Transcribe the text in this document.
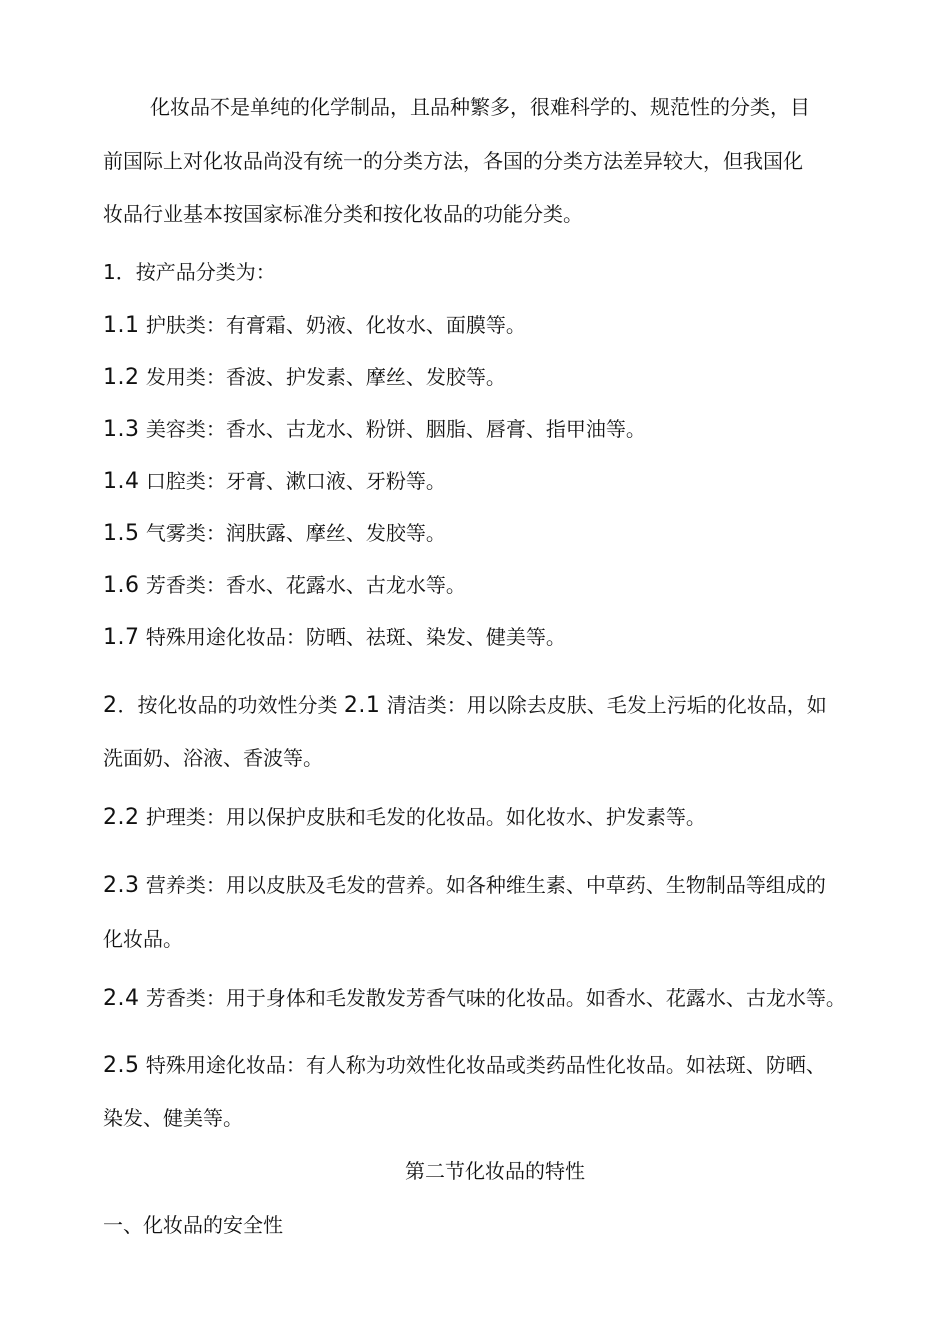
化妆品不是单纯的化学制品，且品种繁多，很难科学的、规范性的分类，目
前国际上对化妆品尚没有统一的分类方法，各国的分类方法差异较大，但我国化
妆品行业基本按国家标准分类和按化妆品的功能分类。
1．按产品分类为：
1.1 护肤类：有膏霜、奶液、化妆水、面膜等。
1.2 发用类：香波、护发素、摩丝、发胶等。
1.3 美容类：香水、古龙水、粉饼、胭脂、唇膏、指甲油等。
1.4 口腔类：牙膏、漱口液、牙粉等。
1.5 气雾类：润肤露、摩丝、发胶等。
1.6 芳香类：香水、花露水、古龙水等。
1.7 特殊用途化妆品：防晒、祛斑、染发、健美等。
2．按化妆品的功效性分类 2.1 清洁类：用以除去皮肤、毛发上污垢的化妆品，如
洗面奶、浴液、香波等。
2.2 护理类：用以保护皮肤和毛发的化妆品。如化妆水、护发素等。
2.3 营养类：用以皮肤及毛发的营养。如各种维生素、中草药、生物制品等组成的
化妆品。
2.4 芳香类：用于身体和毛发散发芳香气味的化妆品。如香水、花露水、古龙水等。
2.5 特殊用途化妆品：有人称为功效性化妆品或类药品性化妆品。如祛斑、防晒、
染发、健美等。
第二节化妆品的特性
一、化妆品的安全性
